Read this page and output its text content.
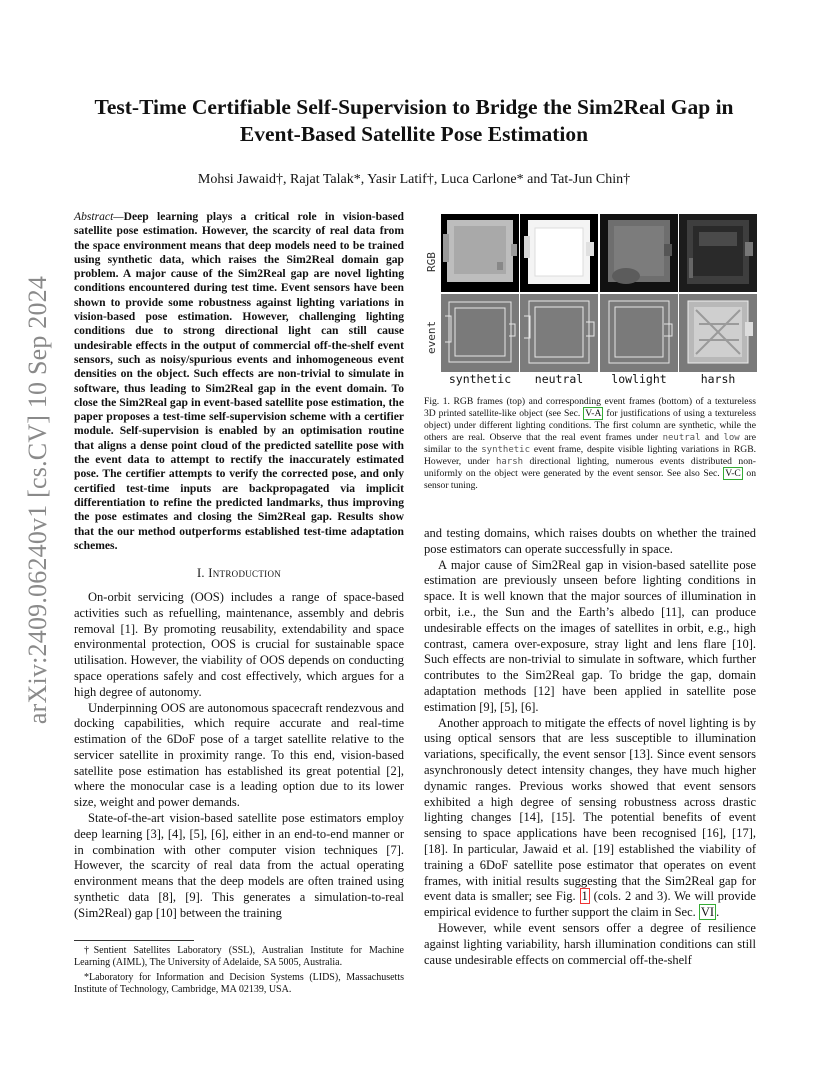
arXiv:2409.06240v1 [cs.CV] 10 Sep 2024
Test-Time Certifiable Self-Supervision to Bridge the Sim2Real Gap in Event-Based Satellite Pose Estimation
Mohsi Jawaid†, Rajat Talak*, Yasir Latif†, Luca Carlone* and Tat-Jun Chin†

Abstract—Deep learning plays a critical role in vision-based satellite pose estimation. However, the scarcity of real data from the space environment means that deep models need to be trained using synthetic data, which raises the Sim2Real domain gap problem. A major cause of the Sim2Real gap are novel lighting conditions encountered during test time. Event sensors have been shown to provide some robustness against lighting variations in vision-based pose estimation. However, challenging lighting conditions due to strong directional light can still cause undesirable effects in the output of commercial off-the-shelf event sensors, such as noisy/spurious events and inhomogeneous event densities on the object. Such effects are non-trivial to simulate in software, thus leading to Sim2Real gap in the event domain. To close the Sim2Real gap in event-based satellite pose estimation, the paper proposes a test-time self-supervision scheme with a certifier module. Self-supervision is enabled by an optimisation routine that aligns a dense point cloud of the predicted satellite pose with the event data to attempt to rectify the inaccurately estimated pose. The certifier attempts to verify the corrected pose, and only certified test-time inputs are backpropagated via implicit differentiation to refine the predicted landmarks, thus improving the pose estimates and closing the Sim2Real gap. Results show that the our method outperforms established test-time adaptation schemes.

I. Introduction

On-orbit servicing (OOS) includes a range of space-based activities such as refuelling, maintenance, assembly and debris removal [1]. By promoting reusability, extendability and space environmental protection, OOS is crucial for sustainable space utilisation. However, the viability of OOS depends on conducting space operations safely and cost effectively, which argues for a high degree of autonomy.

Underpinning OOS are autonomous spacecraft rendezvous and docking capabilities, which require accurate and real-time estimation of the 6DoF pose of a target satellite relative to the servicer satellite in proximity range. To this end, vision-based satellite pose estimation has established its great potential [2], where the monocular case is a leading option due to its lower size, weight and power demands.

State-of-the-art vision-based satellite pose estimators employ deep learning [3], [4], [5], [6], either in an end-to-end manner or in combination with other computer vision techniques [7]. However, the scarcity of real data from the actual operating environment means that the deep models are often trained using synthetic data [8], [9]. This generates a simulation-to-real (Sim2Real) gap [10] between the training

†Sentient Satellites Laboratory (SSL), Australian Institute for Machine Learning (AIML), The University of Adelaide, SA 5005, Australia.

*Laboratory for Information and Decision Systems (LIDS), Massachusetts Institute of Technology, Cambridge, MA 02139, USA.

RGB
event
synthetic	neutral	lowlight	harsh
Fig. 1. RGB frames (top) and corresponding event frames (bottom) of a textureless 3D printed satellite-like object (see Sec. V-A for justifications of using a textureless object) under different lighting conditions. The first column are synthetic, while the others are real. Observe that the real event frames under neutral and low are similar to the synthetic event frame, despite visible lighting variations in RGB. However, under harsh directional lighting, numerous events distributed non-uniformly on the object were generated by the event sensor. See also Sec. V-C on sensor tuning.

and testing domains, which raises doubts on whether the trained pose estimators can operate successfully in space.

A major cause of Sim2Real gap in vision-based satellite pose estimation are previously unseen before lighting conditions in space. It is well known that the major sources of illumination in orbit, i.e., the Sun and the Earth’s albedo [11], can produce undesirable effects on the images of satellites in orbit, e.g., high contrast, camera over-exposure, stray light and lens flare [10]. Such effects are non-trivial to simulate in software, which further contributes to the Sim2Real gap. To bridge the gap, domain adaptation methods [12] have been applied in satellite pose estimation [9], [5], [6].

Another approach to mitigate the effects of novel lighting is by using optical sensors that are less susceptible to illumination variations, specifically, the event sensor [13]. Since event sensors asynchronously detect intensity changes, they have much higher dynamic ranges. Previous works showed that event sensors exhibited a high degree of sensing robustness across drastic lighting changes [14], [15]. The potential benefits of event sensing to space applications have been recognised [16], [17], [18]. In particular, Jawaid et al. [19] established the viability of training a 6DoF satellite pose estimator that operates on event frames, with initial results suggesting that the Sim2Real gap for event data is smaller; see Fig. 1 (cols. 2 and 3). We will provide empirical evidence to further support the claim in Sec. VI .

However, while event sensors offer a degree of resilience against lighting variability, harsh illumination conditions can still cause undesirable effects on commercial off-the-shelf
